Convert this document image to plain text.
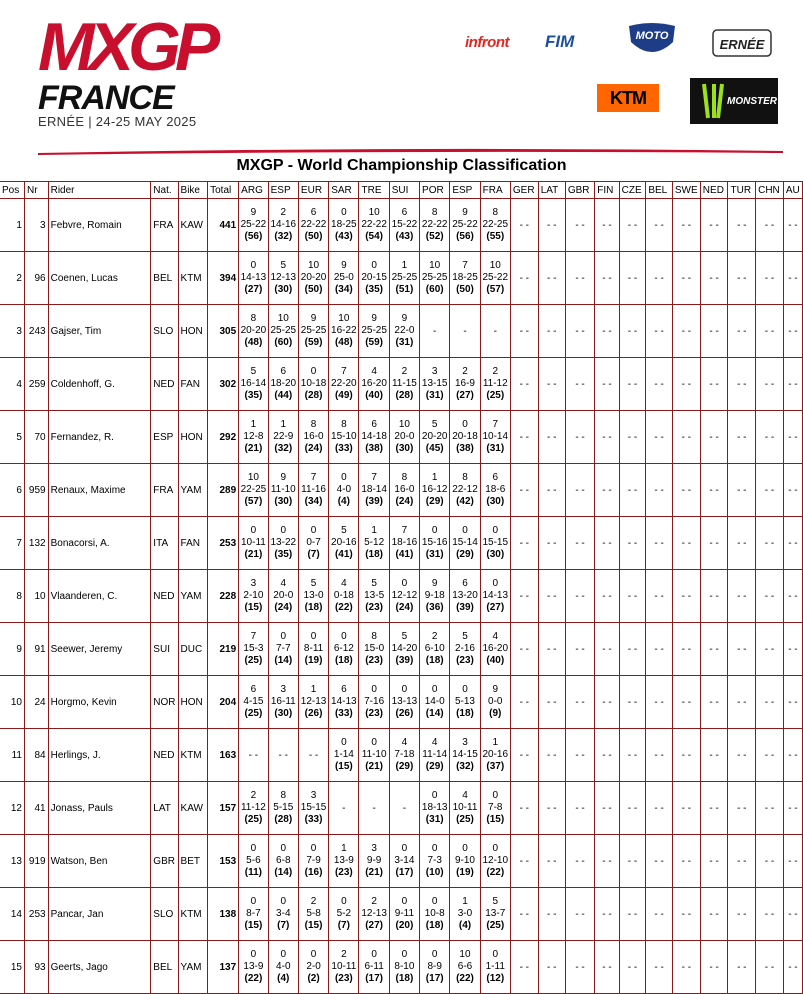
MXGP
FRANCE
ERNÉE | 24-25 MAY 2025
infront FIM	MOTO
ERNÉE
KTM	MONSTER
MXGP - World Championship Classification
Pos	Nr	Rider	Nat.	Bike	Total	ARG	ESP	EUR	SAR	TRE	SUI	POR	ESP	FRA	GER	LAT	GBR	FIN	CZE	BEL	SWE	NED	TUR	CHN	AU
1	3	Febvre, Romain	FRA	KAW	441	9
25-22
(56)	2
14-16
(32)	6
22-22
(50)	0
18-25
(43)	10
22-22
(54)	6
15-22
(43)	8
22-22
(52)	9
25-22
(56)	8
22-25
(55)	- -	- -	- -	- -	- -	- -	- -	- -	- -	- -	- -
2	96	Coenen, Lucas	BEL	KTM	394	0
14-13
(27)	5
12-13
(30)	10
20-20
(50)	9
25-0
(34)	0
20-15
(35)	1
25-25
(51)	10
25-25
(60)	7
18-25
(50)	10
25-22
(57)	- -	- -	- -	- -	- -	- -	- -	- -	- -	- -	- -
3	243	Gajser, Tim	SLO	HON	305	8
20-20
(48)	10
25-25
(60)	9
25-25
(59)	10
16-22
(48)	9
25-25
(59)	9
22-0
(31)	-	-	-	- -	- -	- -	- -	- -	- -	- -	- -	- -	- -	- -
4	259	Coldenhoff, G.	NED	FAN	302	5
16-14
(35)	6
18-20
(44)	0
10-18
(28)	7
22-20
(49)	4
16-20
(40)	2
11-15
(28)	3
13-15
(31)	2
16-9
(27)	2
11-12
(25)	- -	- -	- -	- -	- -	- -	- -	- -	- -	- -	- -
5	70	Fernandez, R.	ESP	HON	292	1
12-8
(21)	1
22-9
(32)	8
16-0
(24)	8
15-10
(33)	6
14-18
(38)	10
20-0
(30)	5
20-20
(45)	0
20-18
(38)	7
10-14
(31)	- -	- -	- -	- -	- -	- -	- -	- -	- -	- -	- -
6	959	Renaux, Maxime	FRA	YAM	289	10
22-25
(57)	9
11-10
(30)	7
11-16
(34)	0
4-0
(4)	7
18-14
(39)	8
16-0
(24)	1
16-12
(29)	8
22-12
(42)	6
18-6
(30)	- -	- -	- -	- -	- -	- -	- -	- -	- -	- -	- -
7	132	Bonacorsi, A.	ITA	FAN	253	0
10-11
(21)	0
13-22
(35)	0
0-7
(7)	5
20-16
(41)	1
5-12
(18)	7
18-16
(41)	0
15-16
(31)	0
15-14
(29)	0
15-15
(30)	- -	- -	- -	- -	- -	- -	- -	- -	- -	- -	- -
8	10	Vlaanderen, C.	NED	YAM	228	3
2-10
(15)	4
20-0
(24)	5
13-0
(18)	4
0-18
(22)	5
13-5
(23)	0
12-12
(24)	9
9-18
(36)	6
13-20
(39)	0
14-13
(27)	- -	- -	- -	- -	- -	- -	- -	- -	- -	- -	- -
9	91	Seewer, Jeremy	SUI	DUC	219	7
15-3
(25)	0
7-7
(14)	0
8-11
(19)	0
6-12
(18)	8
15-0
(23)	5
14-20
(39)	2
6-10
(18)	5
2-16
(23)	4
16-20
(40)	- -	- -	- -	- -	- -	- -	- -	- -	- -	- -	- -
10	24	Horgmo, Kevin	NOR	HON	204	6
4-15
(25)	3
16-11
(30)	1
12-13
(26)	6
14-13
(33)	0
7-16
(23)	0
13-13
(26)	0
14-0
(14)	0
5-13
(18)	9
0-0
(9)	- -	- -	- -	- -	- -	- -	- -	- -	- -	- -	- -
11	84	Herlings, J.	NED	KTM	163	- -	- -	- -	0
1-14
(15)	0
11-10
(21)	4
7-18
(29)	4
11-14
(29)	3
14-15
(32)	1
20-16
(37)	- -	- -	- -	- -	- -	- -	- -	- -	- -	- -	- -
12	41	Jonass, Pauls	LAT	KAW	157	2
11-12
(25)	8
5-15
(28)	3
15-15
(33)	-	-	-	0
18-13
(31)	4
10-11
(25)	0
7-8
(15)	- -	- -	- -	- -	- -	- -	- -	- -	- -	- -	- -
13	919	Watson, Ben	GBR	BET	153	0
5-6
(11)	0
6-8
(14)	0
7-9
(16)	1
13-9
(23)	3
9-9
(21)	0
3-14
(17)	0
7-3
(10)	0
9-10
(19)	0
12-10
(22)	- -	- -	- -	- -	- -	- -	- -	- -	- -	- -	- -
14	253	Pancar, Jan	SLO	KTM	138	0
8-7
(15)	0
3-4
(7)	2
5-8
(15)	0
5-2
(7)	2
12-13
(27)	0
9-11
(20)	0
10-8
(18)	1
3-0
(4)	5
13-7
(25)	- -	- -	- -	- -	- -	- -	- -	- -	- -	- -	- -
15	93	Geerts, Jago	BEL	YAM	137	0
13-9
(22)	0
4-0
(4)	0
2-0
(2)	2
10-11
(23)	0
6-11
(17)	0
8-10
(18)	0
8-9
(17)	10
6-6
(22)	0
1-11
(12)	- -	- -	- -	- -	- -	- -	- -	- -	- -	- -	- -
